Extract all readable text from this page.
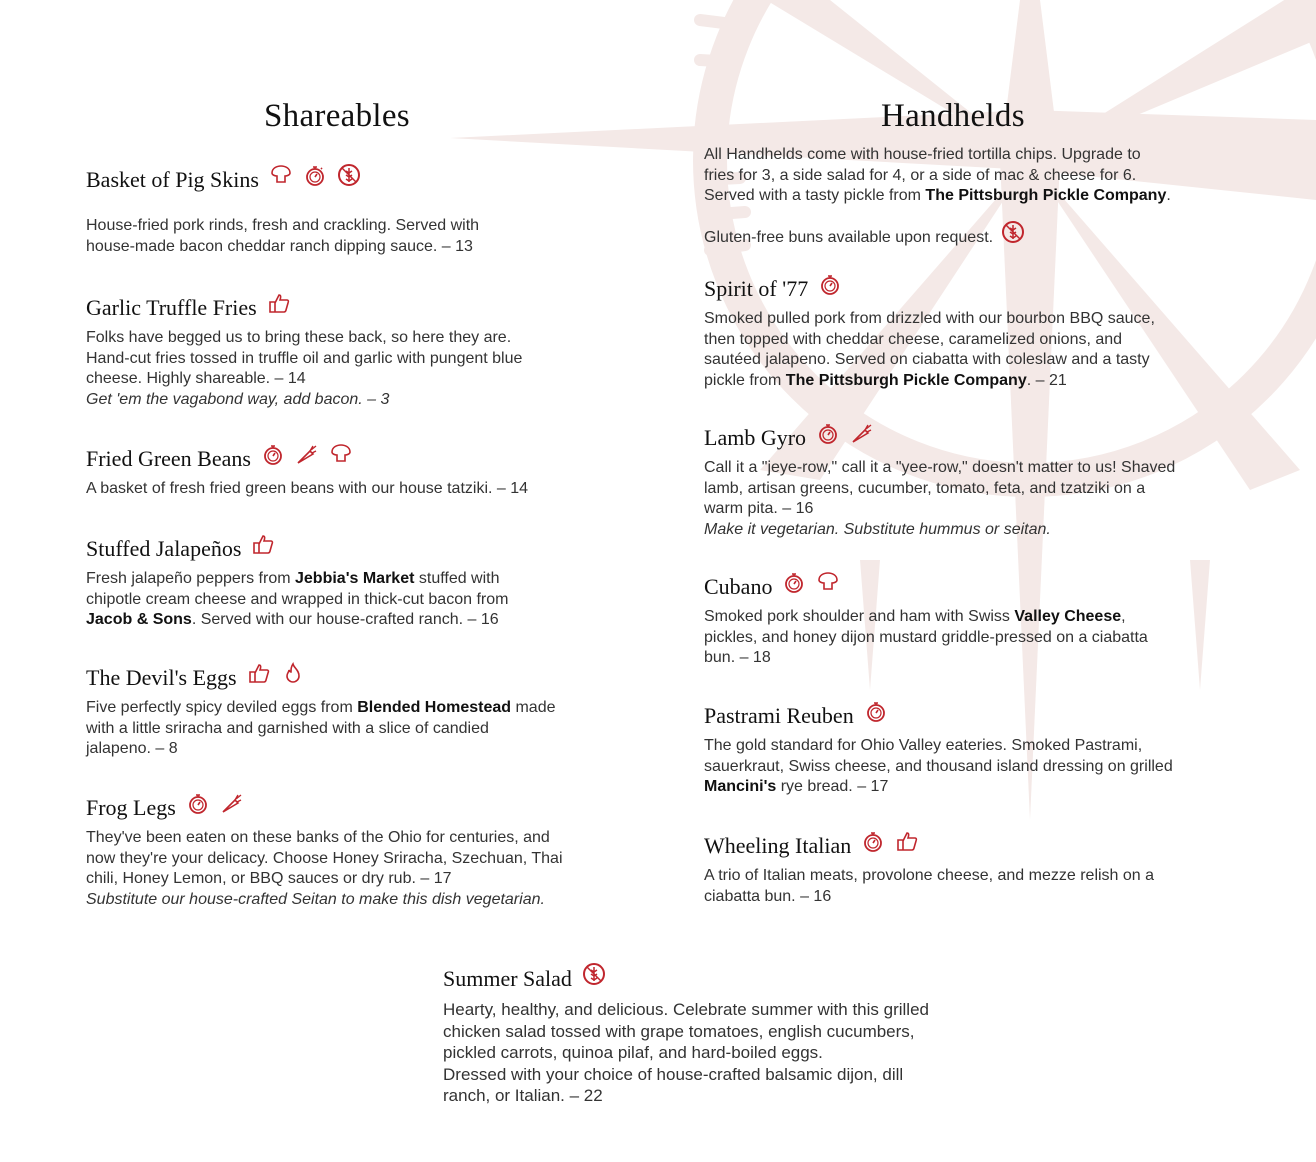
Shareables	Handhelds
Basket of Pig Skins
House-fried pork rinds, fresh and crackling. Served with
house-made bacon cheddar ranch dipping sauce. – 13
Garlic Truffle Fries
Folks have begged us to bring these back, so here they are.
Hand-cut fries tossed in truffle oil and garlic with pungent blue
cheese. Highly shareable. – 14
Get 'em the vagabond way, add bacon. – 3
Fried Green Beans
A basket of fresh fried green beans with our house tatziki. – 14
Stuffed Jalapeños
Fresh jalapeño peppers from Jebbia's Market stuffed with
chipotle cream cheese and wrapped in thick-cut bacon from
Jacob & Sons. Served with our house-crafted ranch. – 16
The Devil's Eggs
Five perfectly spicy deviled eggs from Blended Homestead made
with a little sriracha and garnished with a slice of candied
jalapeno. – 8
Frog Legs
They've been eaten on these banks of the Ohio for centuries, and
now they're your delicacy. Choose Honey Sriracha, Szechuan, Thai
chili, Honey Lemon, or BBQ sauces or dry rub. – 17
Substitute our house-crafted Seitan to make this dish vegetarian.
All Handhelds come with house-fried tortilla chips. Upgrade to
fries for 3, a side salad for 4, or a side of mac & cheese for 6.
Served with a tasty pickle from The Pittsburgh Pickle Company.
Gluten-free buns available upon request.
Spirit of '77
Smoked pulled pork from drizzled with our bourbon BBQ sauce,
then topped with cheddar cheese, caramelized onions, and
sautéed jalapeno. Served on ciabatta with coleslaw and a tasty
pickle from The Pittsburgh Pickle Company. – 21
Lamb Gyro
Call it a "jeye-row," call it a "yee-row," doesn't matter to us! Shaved
lamb, artisan greens, cucumber, tomato, feta, and tzatziki on a
warm pita. – 16
Make it vegetarian. Substitute hummus or seitan.
Cubano
Smoked pork shoulder and ham with Swiss Valley Cheese,
pickles, and honey dijon mustard griddle-pressed on a ciabatta
bun. – 18
Pastrami Reuben
The gold standard for Ohio Valley eateries. Smoked Pastrami,
sauerkraut, Swiss cheese, and thousand island dressing on grilled
Mancini's rye bread. – 17
Wheeling Italian
A trio of Italian meats, provolone cheese, and mezze relish on a
ciabatta bun. – 16
Summer Salad
Hearty, healthy, and delicious. Celebrate summer with this grilled
chicken salad tossed with grape tomatoes, english cucumbers,
pickled carrots, quinoa pilaf, and hard-boiled eggs.
Dressed with your choice of house-crafted balsamic dijon, dill
ranch, or Italian. – 22
